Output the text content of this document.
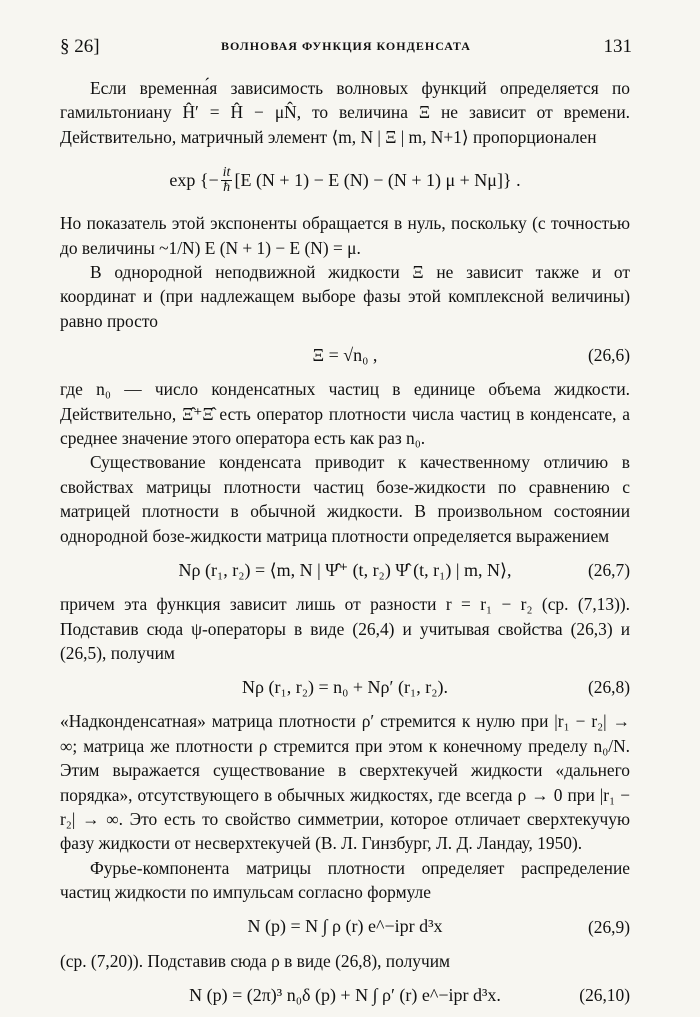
§ 26]	ВОЛНОВАЯ ФУНКЦИЯ КОНДЕНСАТА	131

Если временна́я зависимость волновых функций определяется по гамильтониану Ĥ′ = Ĥ − μN̂, то величина Ξ не зависит от времени. Действительно, матричный элемент ⟨m, N | Ξ | m, N+1⟩ пропорционален

exp {− $\frac{it}{ħ} [E$ (N + 1) − E (N) − (N + 1) μ + Nμ]} .

Но показатель этой экспоненты обращается в нуль, поскольку (с точностью до величины ~1/N) E (N + 1) − E (N) = μ.

В однородной неподвижной жидкости Ξ не зависит также и от координат и (при надлежащем выборе фазы этой комплексной величины) равно просто

Ξ = √n₀ ,	(26,6)

где n₀ — число конденсатных частиц в единице объема жидкости. Действительно, Ξ̂⁺Ξ̂ есть оператор плотности числа частиц в конденсате, а среднее значение этого оператора есть как раз n₀.

Существование конденсата приводит к качественному отличию в свойствах матрицы плотности частиц бозе-жидкости по сравнению с матрицей плотности в обычной жидкости. В произвольном состоянии однородной бозе-жидкости матрица плотности определяется выражением

Nρ (r₁, r₂) = ⟨m, N | Ψ̂⁺ (t, r₂) Ψ̂ (t, r₁) | m, N⟩,	(26,7)

причем эта функция зависит лишь от разности r = r₁ − r₂ (ср. (7,13)). Подставив сюда ψ-операторы в виде (26,4) и учитывая свойства (26,3) и (26,5), получим

Nρ (r₁, r₂) = n₀ + Nρ′ (r₁, r₂).	(26,8)

«Надконденсатная» матрица плотности ρ′ стремится к нулю при |r₁ − r₂| → ∞; матрица же плотности ρ стремится при этом к конечному пределу n₀/N. Этим выражается существование в сверхтекучей жидкости «дальнего порядка», отсутствующего в обычных жидкостях, где всегда ρ → 0 при |r₁ − r₂| → ∞. Это есть то свойство симметрии, которое отличает сверхтекучую фазу жидкости от несверхтекучей (В. Л. Гинзбург, Л. Д. Ландау, 1950).

Фурье-компонента матрицы плотности определяет распределение частиц жидкости по импульсам согласно формуле

N (p) = N ∫ ρ (r) e^−ipr d³x	(26,9)

(ср. (7,20)). Подставив сюда ρ в виде (26,8), получим

N (p) = (2π)³ n₀δ (p) + N ∫ ρ′ (r) e^−ipr d³x.	(26,10)
